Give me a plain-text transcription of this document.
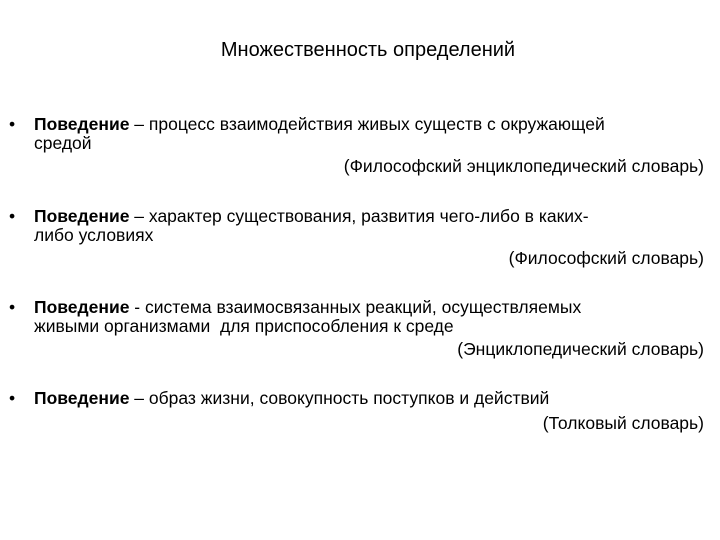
Множественность определений
•	Поведение – процесс взаимодействия живых существ с окружающей
средой
(Философский энциклопедический словарь)
•	Поведение – характер существования, развития чего-либо в каких-
либо условиях
(Философский словарь)
•	Поведение - система взаимосвязанных реакций, осуществляемых
живыми организмами  для приспособления к среде
(Энциклопедический словарь)
•	Поведение – образ жизни, совокупность поступков и действий
(Толковый словарь)
